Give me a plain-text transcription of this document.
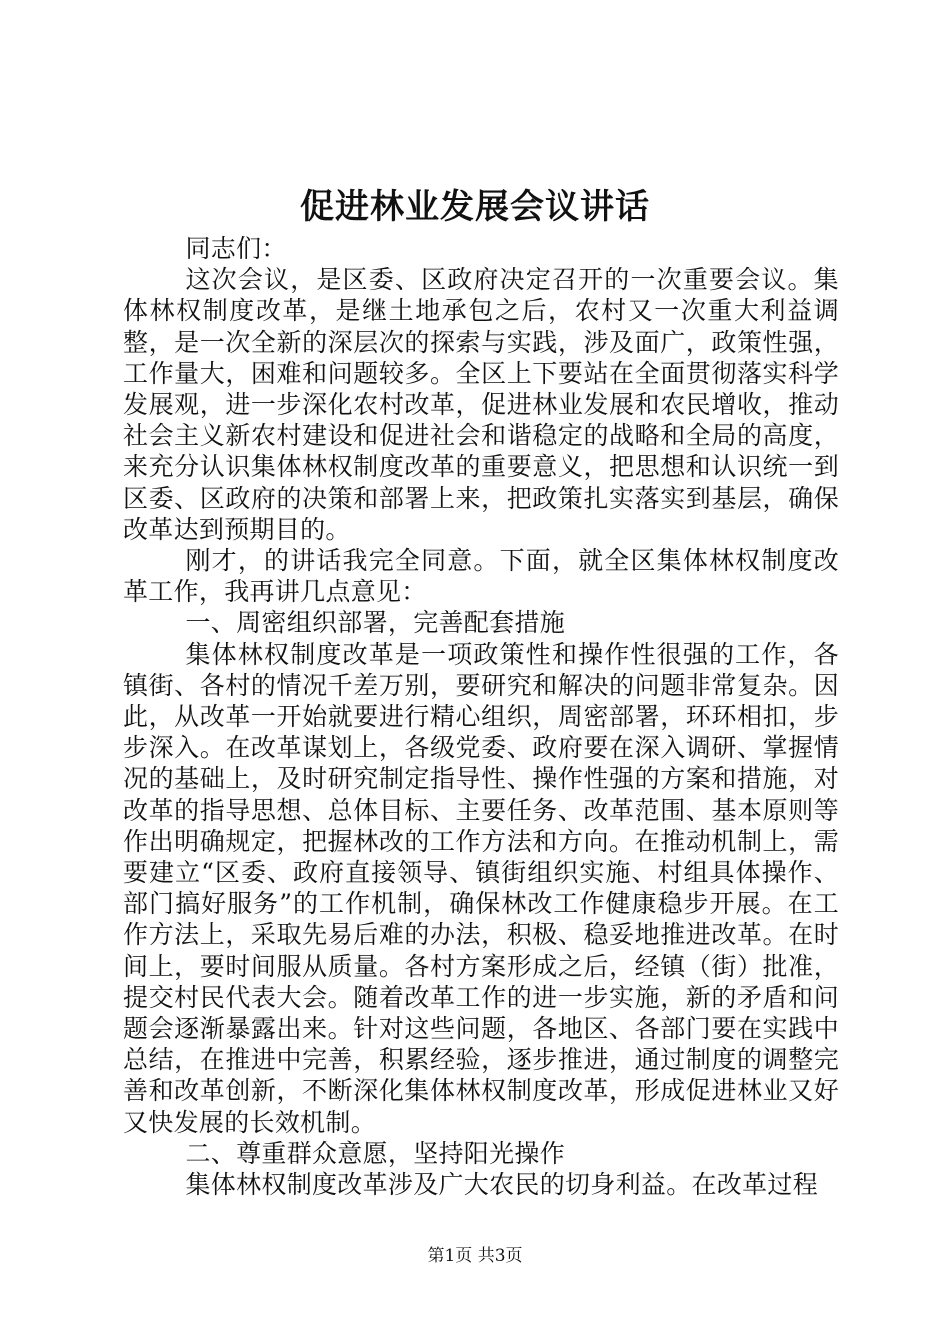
促进林业发展会议讲话

同志们：

这次会议，是区委、区政府决定召开的一次重要会议。集体林权制度改革，是继土地承包之后，农村又一次重大利益调整，是一次全新的深层次的探索与实践，涉及面广，政策性强，工作量大，困难和问题较多。全区上下要站在全面贯彻落实科学发展观，进一步深化农村改革，促进林业发展和农民增收，推动社会主义新农村建设和促进社会和谐稳定的战略和全局的高度，来充分认识集体林权制度改革的重要意义，把思想和认识统一到区委、区政府的决策和部署上来，把政策扎实落实到基层，确保改革达到预期目的。

刚才，的讲话我完全同意。下面，就全区集体林权制度改革工作，我再讲几点意见：

一、周密组织部署，完善配套措施

集体林权制度改革是一项政策性和操作性很强的工作，各镇街、各村的情况千差万别，要研究和解决的问题非常复杂。因此，从改革一开始就要进行精心组织，周密部署，环环相扣，步步深入。在改革谋划上，各级党委、政府要在深入调研、掌握情况的基础上，及时研究制定指导性、操作性强的方案和措施，对改革的指导思想、总体目标、主要任务、改革范围、基本原则等作出明确规定，把握林改的工作方法和方向。在推动机制上，需要建立“区委、政府直接领导、镇街组织实施、村组具体操作、部门搞好服务”的工作机制，确保林改工作健康稳步开展。在工作方法上，采取先易后难的办法，积极、稳妥地推进改革。在时间上，要时间服从质量。各村方案形成之后，经镇（街）批准，提交村民代表大会。随着改革工作的进一步实施，新的矛盾和问题会逐渐暴露出来。针对这些问题，各地区、各部门要在实践中总结，在推进中完善，积累经验，逐步推进，通过制度的调整完善和改革创新，不断深化集体林权制度改革，形成促进林业又好又快发展的长效机制。

二、尊重群众意愿，坚持阳光操作

集体林权制度改革涉及广大农民的切身利益。在改革过程

第1页 共3页
